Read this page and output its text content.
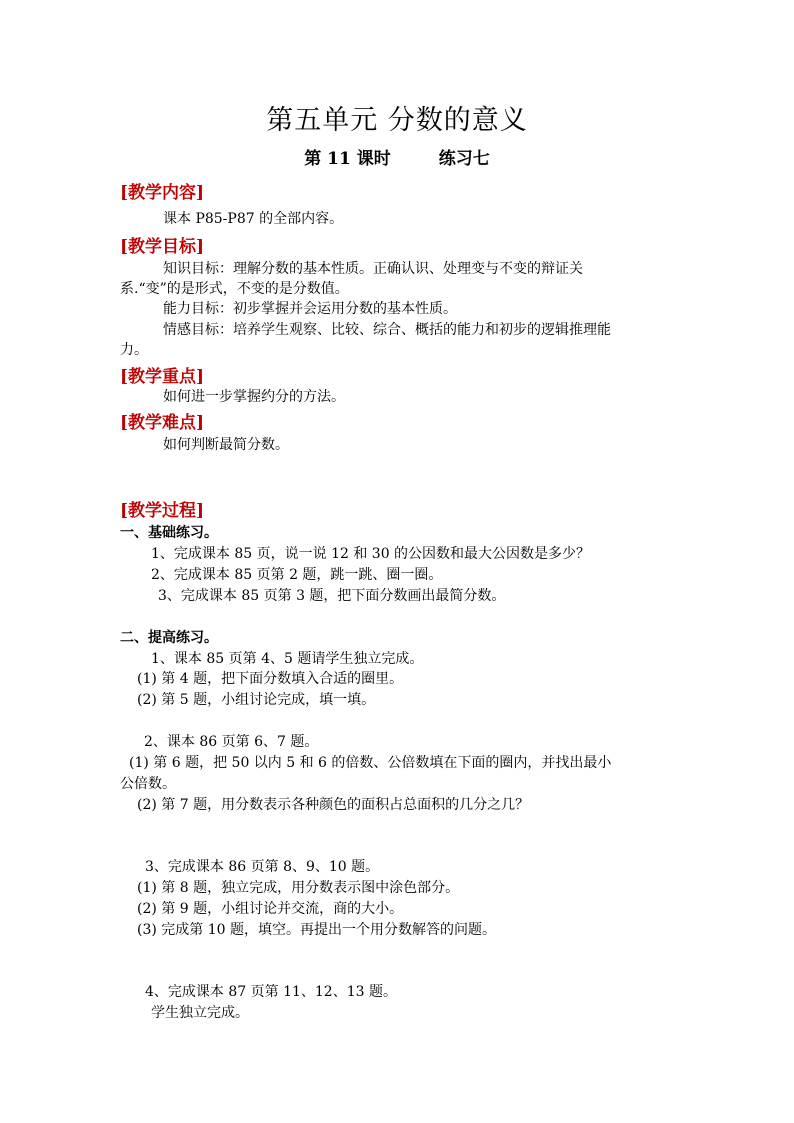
第五单元 分数的意义
第 11 课时	练习七
[教学内容]
课本 P85-P87 的全部内容。
[教学目标]
知识目标：理解分数的基本性质。正确认识、处理变与不变的辩证关
系.“变”的是形式，不变的是分数值。
能力目标：初步掌握并会运用分数的基本性质。
情感目标：培养学生观察、比较、综合、概括的能力和初步的逻辑推理能
力。
[教学重点]
如何进一步掌握约分的方法。
[教学难点]
如何判断最简分数。
[教学过程]
一、基础练习。
1、完成课本 85 页，说一说 12 和 30 的公因数和最大公因数是多少？
2、完成课本 85 页第 2 题，跳一跳、圈一圈。
3、完成课本 85 页第 3 题，把下面分数画出最简分数。
二、提高练习。
1、课本 85 页第 4、5 题请学生独立完成。
(1) 第 4 题，把下面分数填入合适的圈里。
(2) 第 5 题，小组讨论完成，填一填。
2、课本 86 页第 6、7 题。
(1) 第 6 题，把 50 以内 5 和 6 的倍数、公倍数填在下面的圈内，并找出最小
公倍数。
(2) 第 7 题，用分数表示各种颜色的面积占总面积的几分之几？
3、完成课本 86 页第 8、9、10 题。
(1) 第 8 题，独立完成，用分数表示图中涂色部分。
(2) 第 9 题，小组讨论并交流，商的大小。
(3) 完成第 10 题，填空。再提出一个用分数解答的问题。
4、完成课本 87 页第 11、12、13 题。
学生独立完成。
